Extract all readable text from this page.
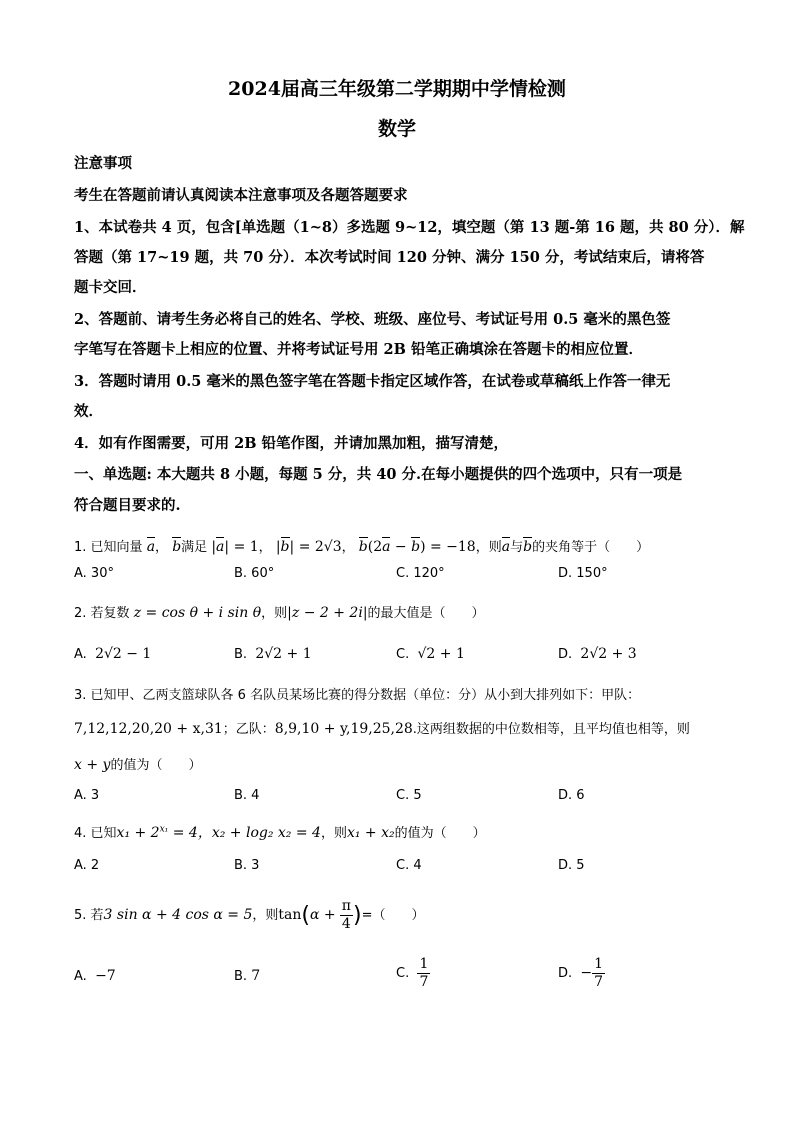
2024届高三年级第二学期期中学情检测
数学
注意事项
考生在答题前请认真阅读本注意事项及各题答题要求
1、本试卷共 4 页，包含[单选题（1~8）多选题 9~12，填空题（第 13 题-第 16 题，共 80 分）．解
答题（第 17~19 题，共 70 分）．本次考试时间 120 分钟、满分 150 分，考试结束后，请将答
题卡交回．
2、答题前、请考生务必将自己的姓名、学校、班级、座位号、考试证号用 0.5 毫米的黑色签
字笔写在答题卡上相应的位置、并将考试证号用 2B 铅笔正确填涂在答题卡的相应位置．
3．答题时请用 0.5 毫米的黑色签字笔在答题卡指定区域作答，在试卷或草稿纸上作答一律无
效．
4．如有作图需要，可用 2B 铅笔作图，并请加黑加粗，描写清楚，
一、单选题: 本大题共 8 小题，每题 5 分，共 40 分.在每小题提供的四个选项中，只有一项是
符合题目要求的.
1. 已知向量 a， b满足 |a| = 1， |b| = 2√3， b(2a − b) = −18，则a与b的夹角等于（　　）
A. 30°	B. 60°	C. 120°	D. 150°
2. 若复数 z = cos θ + i sin θ，则|z − 2 + 2i|的最大值是（　　）
A. 2√2 − 1	B. 2√2 + 1	C. √2 + 1	D. 2√2 + 3
3. 已知甲、乙两支篮球队各 6 名队员某场比赛的得分数据（单位：分）从小到大排列如下：甲队：
7,12,12,20,20 + x,31；乙队：8,9,10 + y,19,25,28.这两组数据的中位数相等，且平均值也相等，则
x + y的值为（　　）
A. 3	B. 4	C. 5	D. 6
4. 已知$x_1 + 2^{x_1} = 4$，x₂ + log₂ x₂ = 4，则x₁ + x₂的值为（　　）
A. 2	B. 3	C. 4	D. 5
5. 若3 sin α + 4 cos α = 5，则$\tan(\alpha + \frac{\pi}{4}$ )=（　　）
A. −7	B. 7	C. $\frac{1}{7}$	D. − $\frac{1}{7}$
